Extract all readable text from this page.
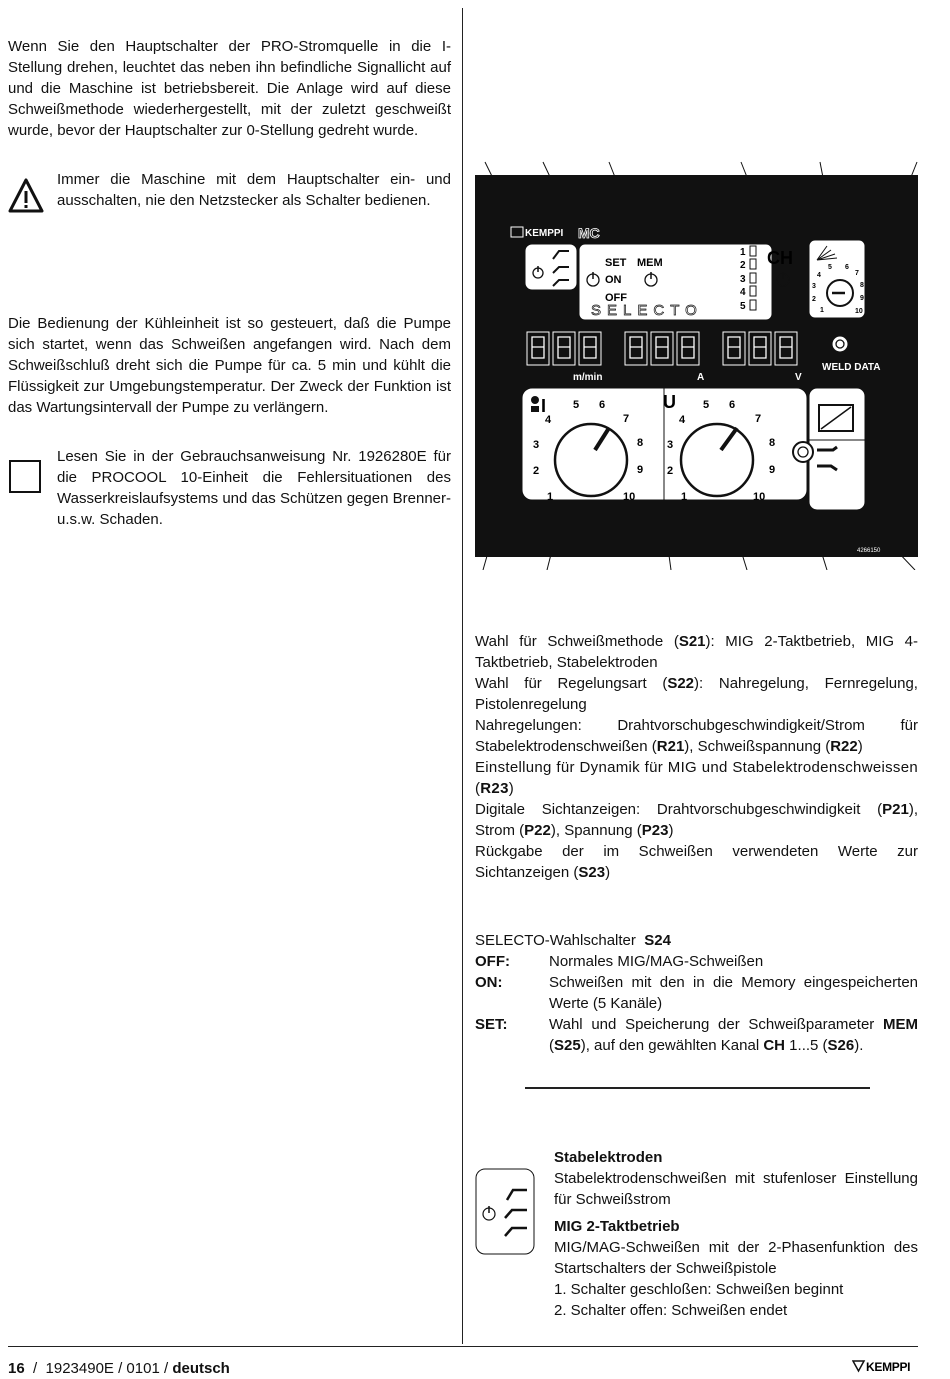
Wenn Sie den Hauptschalter der PRO-Stromquelle in die I-Stellung drehen, leuchtet das neben ihn befindliche Signallicht auf und die Maschine ist betriebsbereit. Die Anlage wird auf diese Schweißmethode wiederhergestellt, mit der zuletzt geschweißt wurde, bevor der Hauptschalter zur 0-Stellung gedreht wurde.

Immer die Maschine mit dem Hauptschalter ein- und ausschalten, nie den Netzstecker als Schalter bedienen.

Die Bedienung der Kühleinheit ist so gesteuert, daß die Pumpe sich startet, wenn das Schweißen angefangen wird. Nach dem Schweißschluß dreht sich die Pumpe für ca. 5 min und kühlt die Flüssigkeit zur Umgebungstemperatur. Der Zweck der Funktion ist das Wartungsintervall der Pumpe zu verlängern.

Lesen Sie in der Gebrauchsanweisung Nr. 1926280E für die PROCOOL 10-Einheit die Fehlersituationen des Wasserkreislaufsystems und das Schützen gegen Brenner- u.s.w. Schaden.

KEMPPI MC
SET MEM
ON
OFF
1
2
3
4
5
CH
SELECTO	1
2
3
4
5 6
7
8
9
10
m/min	A	V
WELD DATA
1
2
3
4
5 6
7
8
9
10	1
2
3
4
5 6
7
8
9
10
I	U
4266150

Wahl für Schweißmethode (S21): MIG 2-Taktbetrieb, MIG 4-Taktbetrieb, Stabelektroden

Wahl für Regelungsart (S22): Nahregelung, Fernregelung, Pistolenregelung

Nahregelungen: Drahtvorschubgeschwindigkeit/Strom für Stabelektrodenschweißen (R21), Schweißspannung (R22)

Einstellung für Dynamik für MIG und Stabelektrodenschweissen (R23)

Digitale Sichtanzeigen: Drahtvorschubgeschwindigkeit (P21), Strom (P22), Spannung (P23)

Rückgabe der im Schweißen verwendeten Werte zur Sichtanzeigen (S23)

SELECTO-Wahlschalter S24

OFF:	Normales MIG/MAG-Schweißen
ON:	Schweißen mit den in die Memory eingespeicherten Werte (5 Kanäle)
SET:	Wahl und Speicherung der Schweißparameter MEM (S25), auf den gewählten Kanal CH 1...5 (S26).

Stabelektroden

Stabelektrodenschweißen mit stufenloser Einstellung für Schweißstrom

MIG 2-Taktbetrieb

MIG/MAG-Schweißen mit der 2-Phasenfunktion des Startschalters der Schweißpistole

1. Schalter geschloßen: Schweißen beginnt

2. Schalter offen: Schweißen endet

16  /  1923490E / 0101 / deutsch	KEMPPI
